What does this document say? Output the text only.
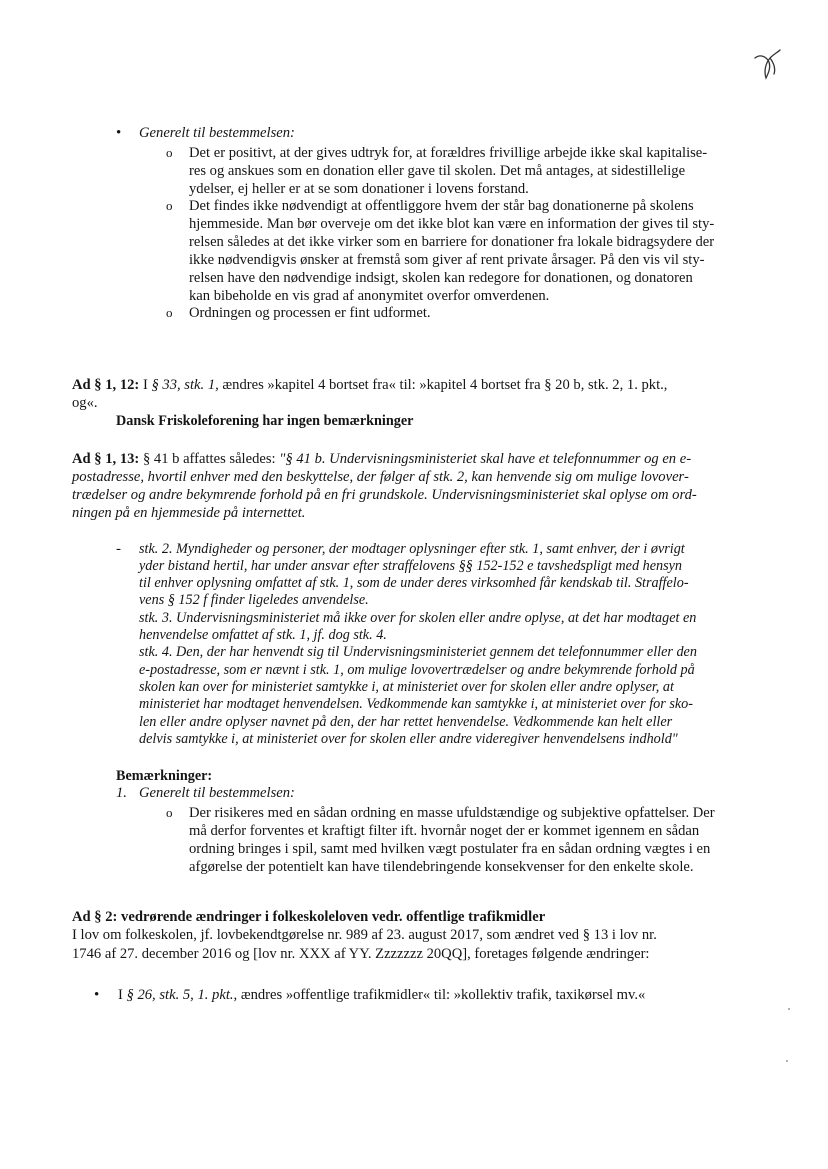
• Generelt til bestemmelsen:
o Det er positivt, at der gives udtryk for, at forældres frivillige arbejde ikke skal kapitalise-
res og anskues som en donation eller gave til skolen. Det må antages, at sidestillelige
ydelser, ej heller er at se som donationer i lovens forstand.
o Det findes ikke nødvendigt at offentliggore hvem der står bag donationerne på skolens
hjemmeside. Man bør overveje om det ikke blot kan være en information der gives til sty-
relsen således at det ikke virker som en barriere for donationer fra lokale bidragsydere der
ikke nødvendigvis ønsker at fremstå som giver af rent private årsager. På den vis vil sty-
relsen have den nødvendige indsigt, skolen kan redegore for donationen, og donatoren
kan bibeholde en vis grad af anonymitet overfor omverdenen.
o Ordningen og processen er fint udformet.
Ad § 1, 12: I § 33, stk. 1, ændres »kapitel 4 bortset fra« til: »kapitel 4 bortset fra § 20 b, stk. 2, 1. pkt.,
og«.
Dansk Friskoleforening har ingen bemærkninger
Ad § 1, 13: § 41 b affattes således: "§ 41 b. Undervisningsministeriet skal have et telefonnummer og en e-
postadresse, hvortil enhver med den beskyttelse, der følger af stk. 2, kan henvende sig om mulige lovover-
trædelser og andre bekymrende forhold på en fri grundskole. Undervisningsministeriet skal oplyse om ord-
ningen på en hjemmeside på internettet.
- stk. 2. Myndigheder og personer, der modtager oplysninger efter stk. 1, samt enhver, der i øvrigt
yder bistand hertil, har under ansvar efter straffelovens §§ 152-152 e tavshedspligt med hensyn
til enhver oplysning omfattet af stk. 1, som de under deres virksomhed får kendskab til. Straffelo-
vens § 152 f finder ligeledes anvendelse.
stk. 3. Undervisningsministeriet må ikke over for skolen eller andre oplyse, at det har modtaget en
henvendelse omfattet af stk. 1, jf. dog stk. 4.
stk. 4. Den, der har henvendt sig til Undervisningsministeriet gennem det telefonnummer eller den
e-postadresse, som er nævnt i stk. 1, om mulige lovovertrædelser og andre bekymrende forhold på
skolen kan over for ministeriet samtykke i, at ministeriet over for skolen eller andre oplyser, at
ministeriet har modtaget henvendelsen. Vedkommende kan samtykke i, at ministeriet over for sko-
len eller andre oplyser navnet på den, der har rettet henvendelse. Vedkommende kan helt eller
delvis samtykke i, at ministeriet over for skolen eller andre videregiver henvendelsens indhold"
Bemærkninger:
1. Generelt til bestemmelsen:
o Der risikeres med en sådan ordning en masse ufuldstændige og subjektive opfattelser. Der
må derfor forventes et kraftigt filter ift. hvornår noget der er kommet igennem en sådan
ordning bringes i spil, samt med hvilken vægt postulater fra en sådan ordning vægtes i en
afgørelse der potentielt kan have tilendebringende konsekvenser for den enkelte skole.
Ad § 2: vedrørende ændringer i folkeskoleloven vedr. offentlige trafikmidler
I lov om folkeskolen, jf. lovbekendtgørelse nr. 989 af 23. august 2017, som ændret ved § 13 i lov nr.
1746 af 27. december 2016 og [lov nr. XXX af YY. Zzzzzzz 20QQ], foretages følgende ændringer:
• I § 26, stk. 5, 1. pkt., ændres »offentlige trafikmidler« til: »kollektiv trafik, taxikørsel mv.«
